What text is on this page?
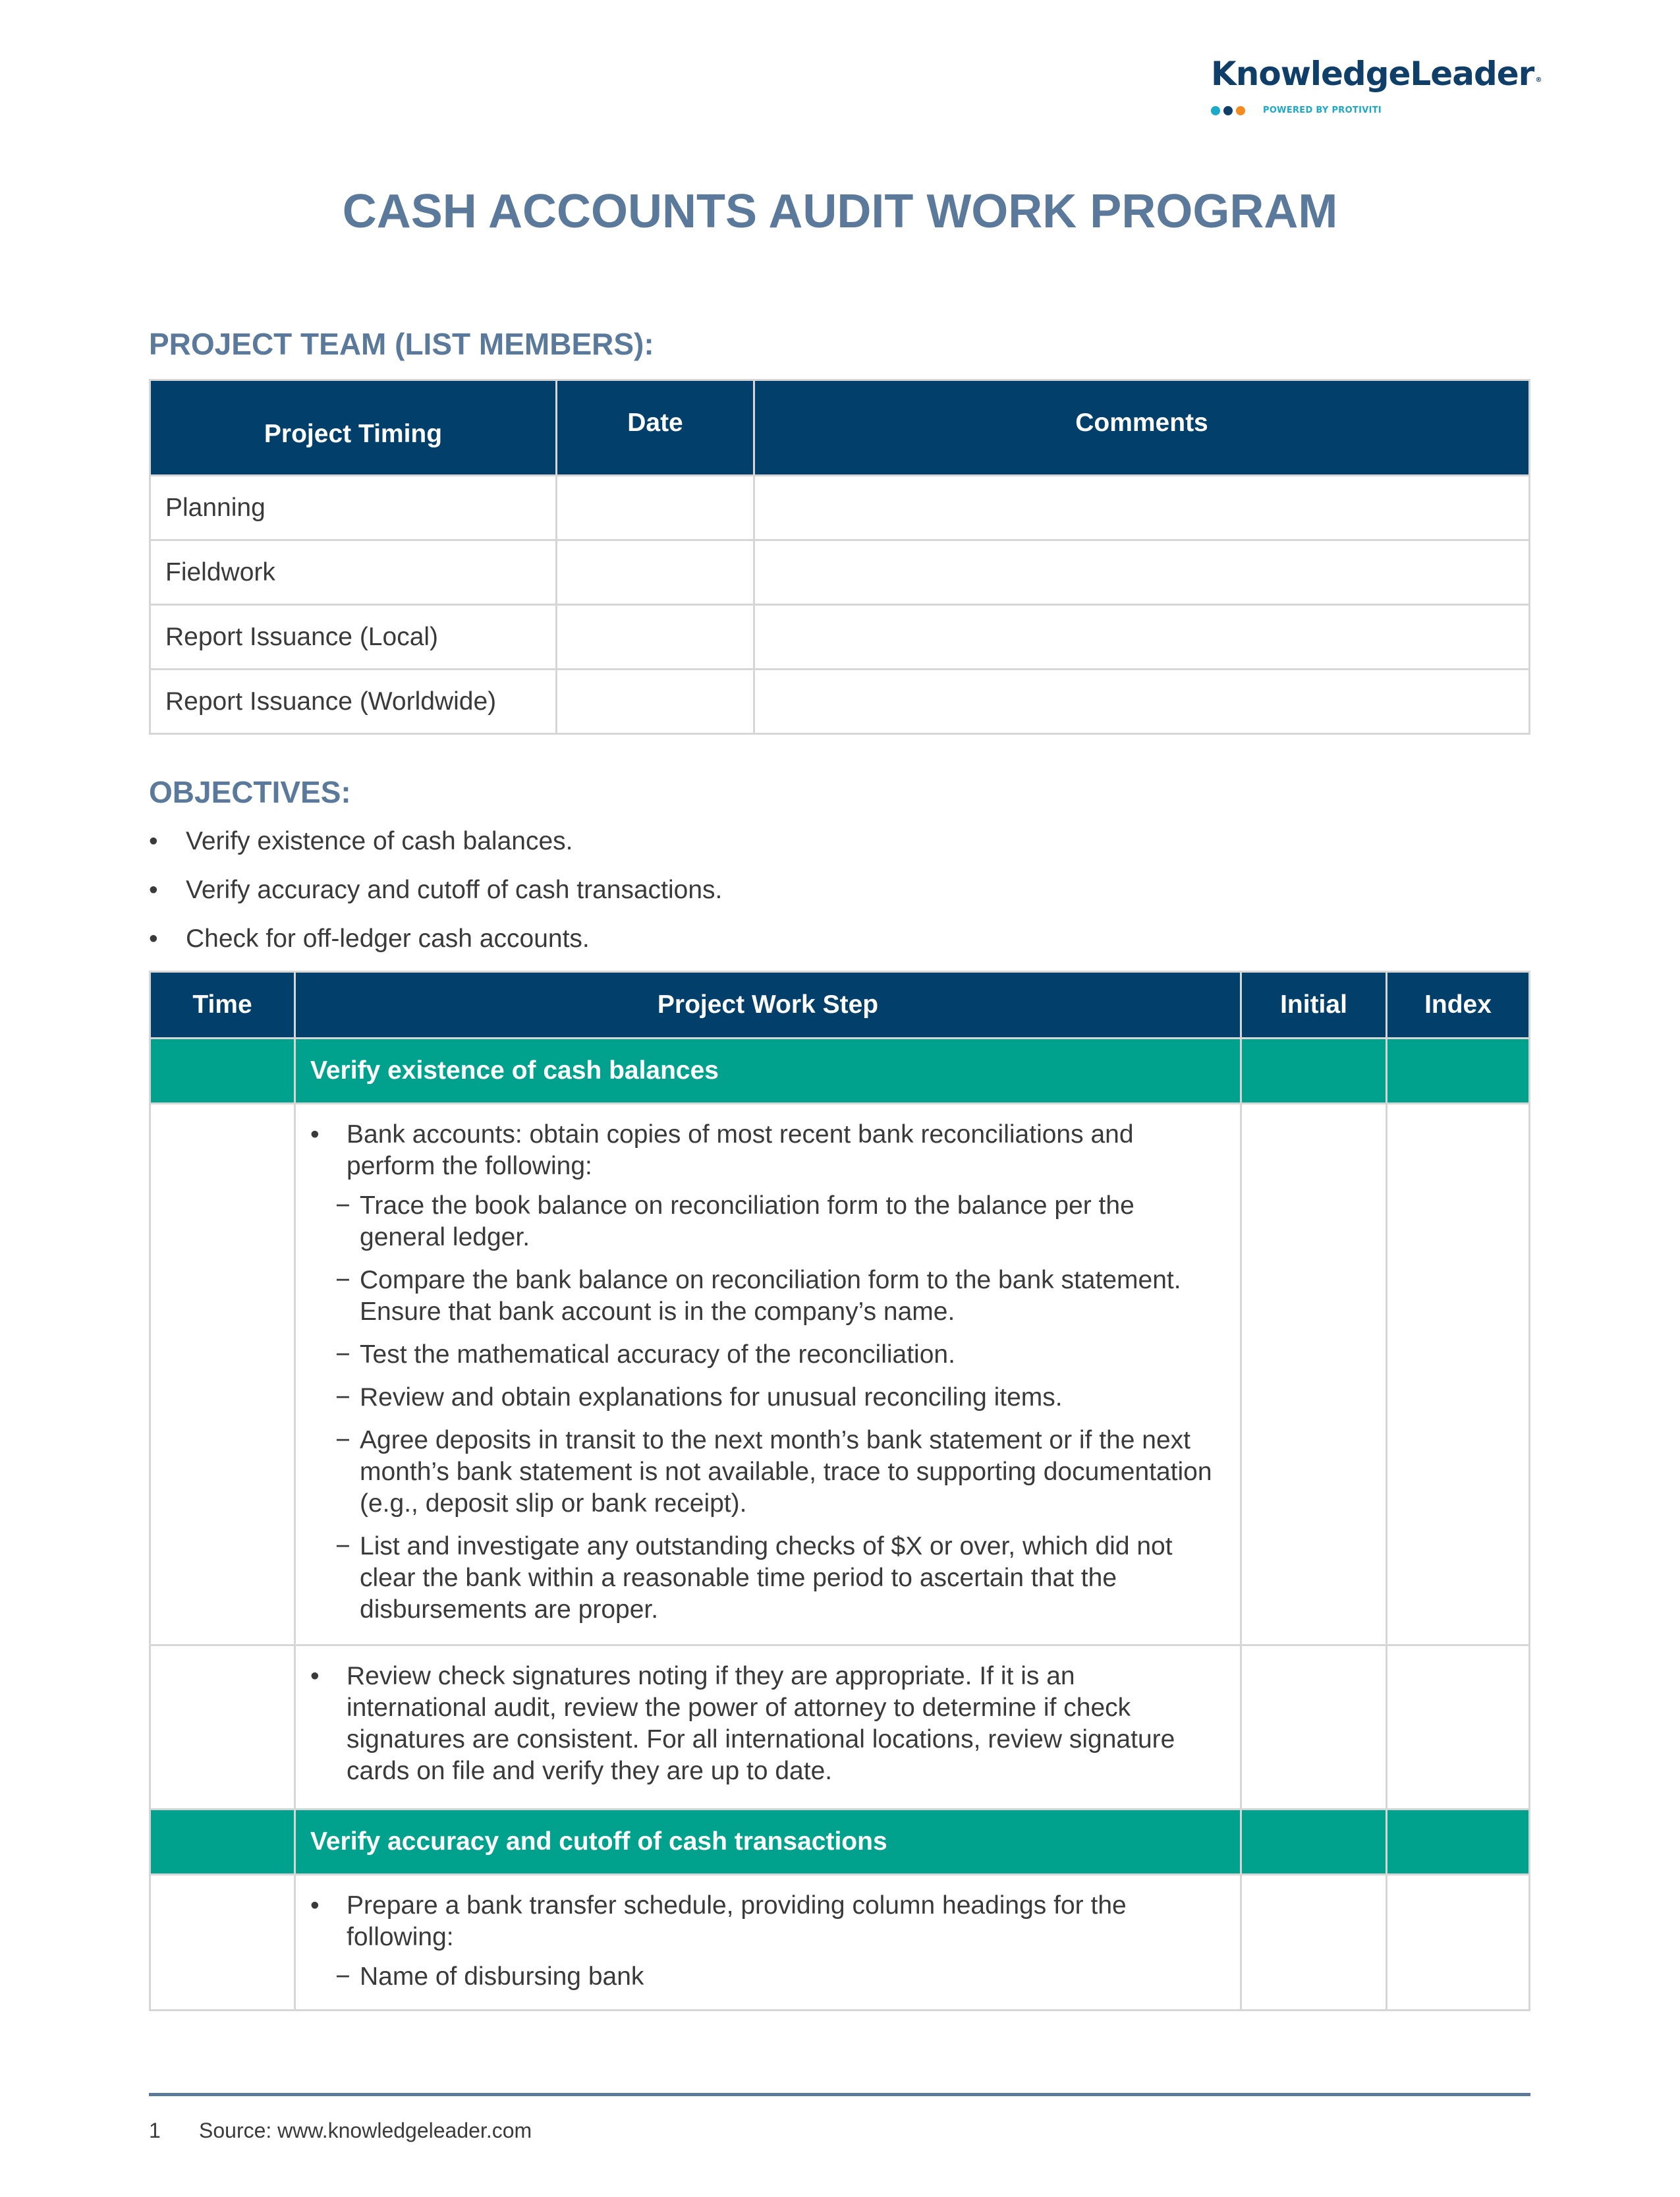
KnowledgeLeader ®
POWERED BY PROTIVITI
CASH ACCOUNTS AUDIT WORK PROGRAM
PROJECT TEAM (LIST MEMBERS):
Project Timing	Date	Comments
Planning		
Fieldwork		
Report Issuance (Local)		
Report Issuance (Worldwide)		
OBJECTIVES:
•	Verify existence of cash balances.
•	Verify accuracy and cutoff of cash transactions.
•	Check for off-ledger cash accounts.
Time	Project Work Step	Initial	Index
	Verify existence of cash balances		

•	Bank accounts: obtain copies of most recent bank reconciliations and perform the following:
− Trace the book balance on reconciliation form to the balance per the general ledger.
− Compare the bank balance on reconciliation form to the bank statement. Ensure that bank account is in the company’s name.
− Test the mathematical accuracy of the reconciliation.
− Review and obtain explanations for unusual reconciling items.
− Agree deposits in transit to the next month’s bank statement or if the next month’s bank statement is not available, trace to supporting documentation (e.g., deposit slip or bank receipt).
− List and investigate any outstanding checks of $X or over, which did not clear the bank within a reasonable time period to ascertain that the disbursements are proper.

	• Review check signatures noting if they are appropriate. If it is an international audit, review the power of attorney to determine if check signatures are consistent. For all international locations, review signature cards on file and verify they are up to date.		

	Verify accuracy and cutoff of cash transactions		

	• Prepare a bank transfer schedule, providing column headings for the following:
− Name of disbursing bank		

1	Source: www.knowledgeleader.com
